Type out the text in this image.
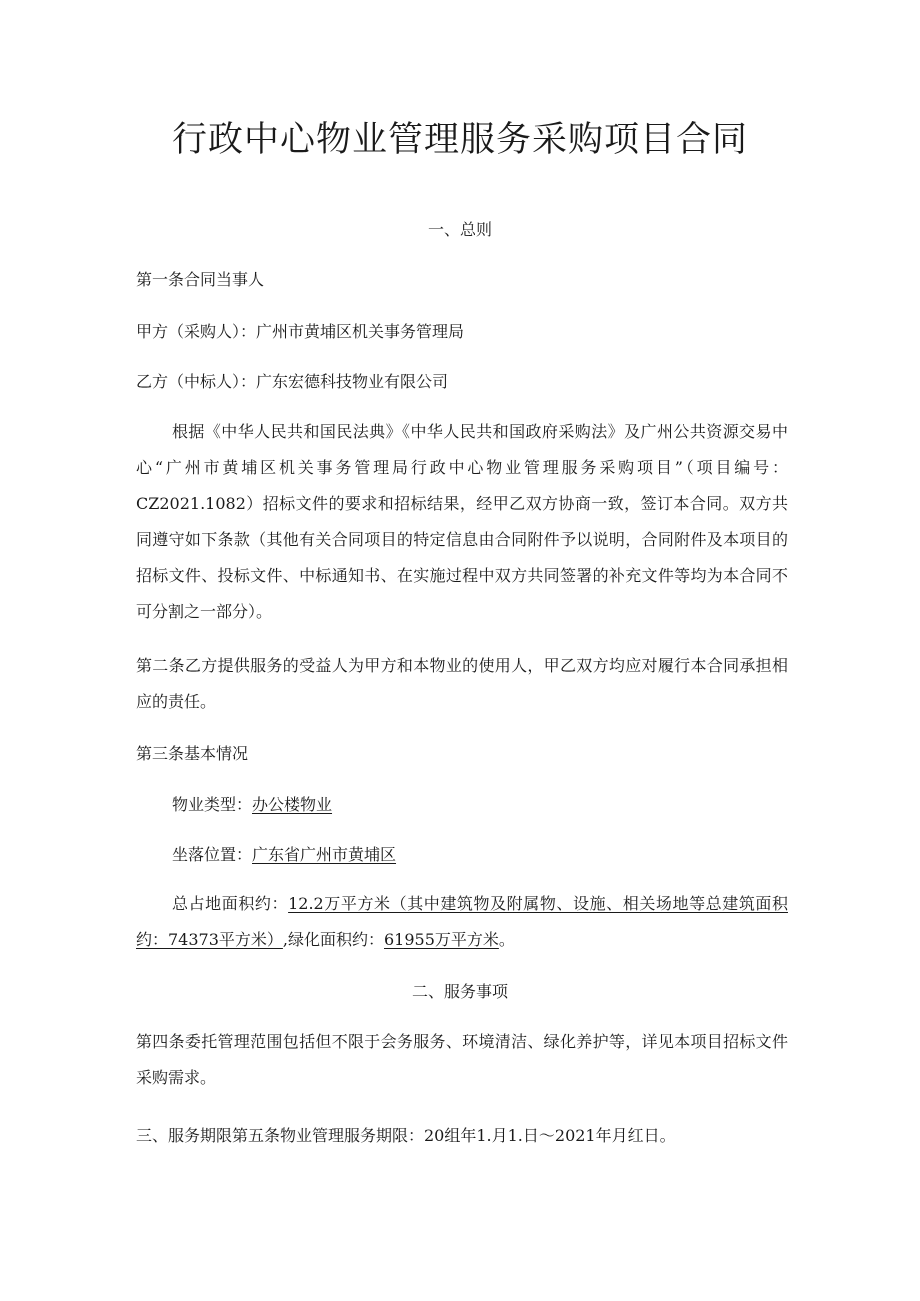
行政中心物业管理服务采购项目合同
一、总则
第一条合同当事人
甲方（采购人）：广州市黄埔区机关事务管理局
乙方（中标人）：广东宏德科技物业有限公司

根据《中华人民共和国民法典》《中华人民共和国政府采购法》及广州公共资源交易中心“广州市黄埔区机关事务管理局行政中心物业管理服务采购项目”（项目编号：CZ2021.1082）招标文件的要求和招标结果，经甲乙双方协商一致，签订本合同。双方共同遵守如下条款（其他有关合同项目的特定信息由合同附件予以说明，合同附件及本项目的招标文件、投标文件、中标通知书、在实施过程中双方共同签署的补充文件等均为本合同不可分割之一部分）。

第二条乙方提供服务的受益人为甲方和本物业的使用人，甲乙双方均应对履行本合同承担相应的责任。

第三条基本情况
物业类型：办公楼物业
坐落位置：广东省广州市黄埔区

总占地面积约：12.2万平方米（其中建筑物及附属物、设施、相关场地等总建筑面积约：74373平方米）,绿化面积约：61955万平方米。

二、服务事项

第四条委托管理范围包括但不限于会务服务、环境清洁、绿化养护等，详见本项目招标文件采购需求。

三、服务期限第五条物业管理服务期限：20组年1.月1.日～2021年月红日。
